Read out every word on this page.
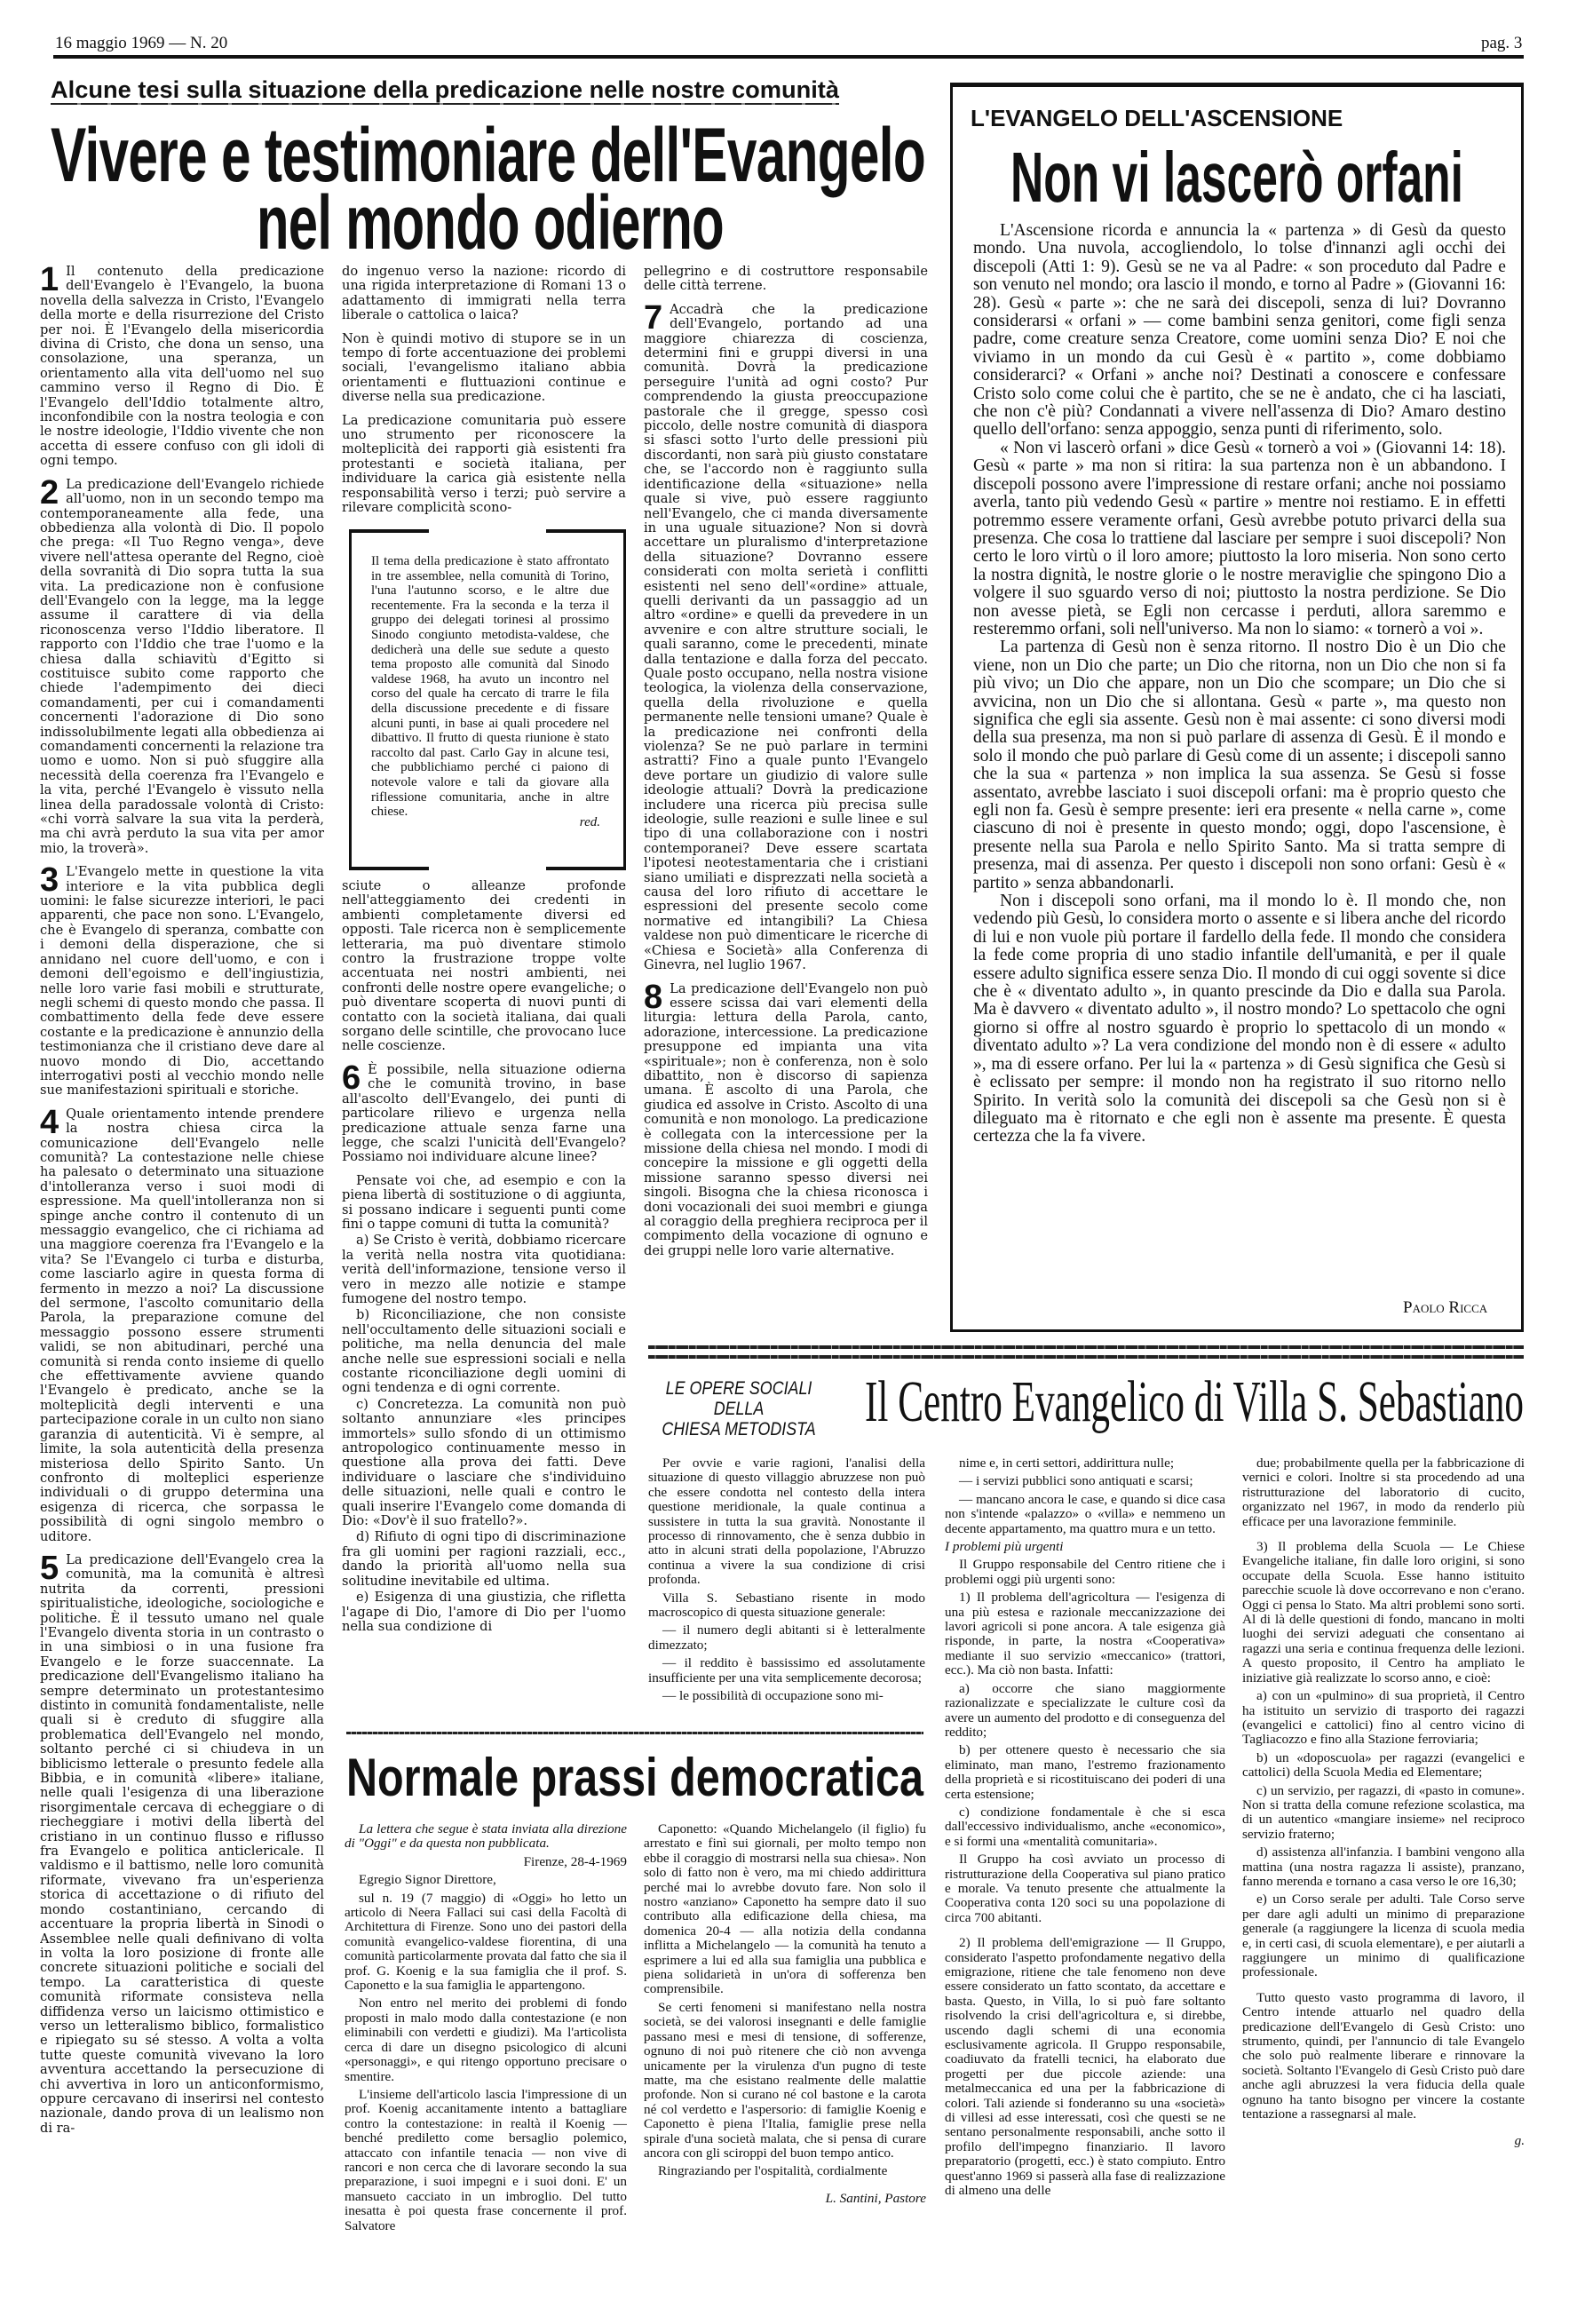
16 maggio 1969 — N. 20	pag. 3
Alcune tesi sulla situazione della predicazione nelle nostre comunità
Vivere e testimoniare dell'Evangelo
nel mondo odierno

1 Il contenuto della predicazione dell'Evangelo è l'Evangelo, la buona novella della salvezza in Cristo, l'Evangelo della morte e della risurrezione del Cristo per noi. È l'Evangelo della misericordia divina di Cristo, che dona un senso, una consolazione, una speranza, un orientamento alla vita dell'uomo nel suo cammino verso il Regno di Dio. È l'Evangelo dell'Iddio totalmente altro, inconfondibile con la nostra teologia e con le nostre ideologie, l'Iddio vivente che non accetta di essere confuso con gli idoli di ogni tempo.

2 La predicazione dell'Evangelo richiede all'uomo, non in un secondo tempo ma contemporaneamente alla fede, una obbedienza alla volontà di Dio. Il popolo che prega: «Il Tuo Regno venga», deve vivere nell'attesa operante del Regno, cioè della sovranità di Dio sopra tutta la sua vita. La predicazione non è confusione dell'Evangelo con la legge, ma la legge assume il carattere di via della riconoscenza verso l'Iddio liberatore. Il rapporto con l'Iddio che trae l'uomo e la chiesa dalla schiavitù d'Egitto si costituisce subito come rapporto che chiede l'adempimento dei dieci comandamenti, per cui i comandamenti concernenti l'adorazione di Dio sono indissolubilmente legati alla obbedienza ai comandamenti concernenti la relazione tra uomo e uomo. Non si può sfuggire alla necessità della coerenza fra l'Evangelo e la vita, perché l'Evangelo è vissuto nella linea della paradossale volontà di Cristo: «chi vorrà salvare la sua vita la perderà, ma chi avrà perduto la sua vita per amor mio, la troverà».

3 L'Evangelo mette in questione la vita interiore e la vita pubblica degli uomini: le false sicurezze interiori, le paci apparenti, che pace non sono. L'Evangelo, che è Evangelo di speranza, combatte con i demoni della disperazione, che si annidano nel cuore dell'uomo, e con i demoni dell'egoismo e dell'ingiustizia, nelle loro varie fasi mobili e strutturate, negli schemi di questo mondo che passa. Il combattimento della fede deve essere costante e la predicazione è annunzio della testimonianza che il cristiano deve dare al nuovo mondo di Dio, accettando interrogativi posti al vecchio mondo nelle sue manifestazioni spirituali e storiche.

4 Quale orientamento intende prendere la nostra chiesa circa la comunicazione dell'Evangelo nelle comunità? La contestazione nelle chiese ha palesato o determinato una situazione d'intolleranza verso i suoi modi di espressione. Ma quell'intolleranza non si spinge anche contro il contenuto di un messaggio evangelico, che ci richiama ad una maggiore coerenza fra l'Evangelo e la vita? Se l'Evangelo ci turba e disturba, come lasciarlo agire in questa forma di fermento in mezzo a noi? La discussione del sermone, l'ascolto comunitario della Parola, la preparazione comune del messaggio possono essere strumenti validi, se non abitudinari, perché una comunità si renda conto insieme di quello che effettivamente avviene quando l'Evangelo è predicato, anche se la molteplicità degli interventi e una partecipazione corale in un culto non siano garanzia di autenticità. Vi è sempre, al limite, la sola autenticità della presenza misteriosa dello Spirito Santo. Un confronto di molteplici esperienze individuali o di gruppo determina una esigenza di ricerca, che sorpassa le possibilità di ogni singolo membro o uditore.

5 La predicazione dell'Evangelo crea la comunità, ma la comunità è altresì nutrita da correnti, pressioni spiritualistiche, ideologiche, sociologiche e politiche. È il tessuto umano nel quale l'Evangelo diventa storia in un contrasto o in una simbiosi o in una fusione fra Evangelo e le forze suaccennate. La predicazione dell'Evangelismo italiano ha sempre determinato un protestantesimo distinto in comunità fondamentaliste, nelle quali si è creduto di sfuggire alla problematica dell'Evangelo nel mondo, soltanto perché ci si chiudeva in un biblicismo letterale o presunto fedele alla Bibbia, e in comunità «libere» italiane, nelle quali l'esigenza di una liberazione risorgimentale cercava di echeggiare o di riecheggiare i motivi della libertà del cristiano in un continuo flusso e riflusso fra Evangelo e politica anticlericale. Il valdismo e il battismo, nelle loro comunità riformate, vivevano fra un'esperienza storica di accettazione o di rifiuto del mondo costantiniano, cercando di accentuare la propria libertà in Sinodi o Assemblee nelle quali definivano di volta in volta la loro posizione di fronte alle concrete situazioni politiche e sociali del tempo. La caratteristica di queste comunità riformate consisteva nella diffidenza verso un laicismo ottimistico e verso un letteralismo biblico, formalistico e ripiegato su sé stesso. A volta a volta tutte queste comunità vivevano la loro avventura accettando la persecuzione di chi avvertiva in loro un anticonformismo, oppure cercavano di inserirsi nel contesto nazionale, dando prova di un lealismo non di ra-

do ingenuo verso la nazione: ricordo di una rigida interpretazione di Romani 13 o adattamento di immigrati nella terra liberale o cattolica o laica?

Non è quindi motivo di stupore se in un tempo di forte accentuazione dei problemi sociali, l'evangelismo italiano abbia orientamenti e fluttuazioni continue e diverse nella sua predicazione.

La predicazione comunitaria può essere uno strumento per riconoscere la molteplicità dei rapporti già esistenti fra protestanti e società italiana, per individuare la carica già esistente nella responsabilità verso i terzi; può servire a rilevare complicità scono-

Il tema della predicazione è stato affrontato in tre assemblee, nella comunità di Torino, l'una l'autunno scorso, e le altre due recentemente. Fra la seconda e la terza il gruppo dei delegati torinesi al prossimo Sinodo congiunto metodista-valdese, che dedicherà una delle sue sedute a questo tema proposto alle comunità dal Sinodo valdese 1968, ha avuto un incontro nel corso del quale ha cercato di trarre le fila della discussione precedente e di fissare alcuni punti, in base ai quali procedere nel dibattivo. Il frutto di questa riunione è stato raccolto dal past. Carlo Gay in alcune tesi, che pubblichiamo perché ci paiono di notevole valore e tali da giovare alla riflessione comunitaria, anche in altre chiese.
red.

sciute o alleanze profonde nell'atteggiamento dei credenti in ambienti completamente diversi ed opposti. Tale ricerca non è semplicemente letteraria, ma può diventare stimolo contro la frustrazione troppe volte accentuata nei nostri ambienti, nei confronti delle nostre opere evangeliche; o può diventare scoperta di nuovi punti di contatto con la società italiana, dai quali sorgano delle scintille, che provocano luce nelle coscienze.

6 È possibile, nella situazione odierna che le comunità trovino, in base all'ascolto dell'Evangelo, dei punti di particolare rilievo e urgenza nella predicazione attuale senza farne una legge, che scalzi l'unicità dell'Evangelo? Possiamo noi individuare alcune linee?

Pensate voi che, ad esempio e con la piena libertà di sostituzione o di aggiunta, si possano indicare i seguenti punti come fini o tappe comuni di tutta la comunità?

a) Se Cristo è verità, dobbiamo ricercare la verità nella nostra vita quotidiana: verità dell'informazione, tensione verso il vero in mezzo alle notizie e stampe fumogene del nostro tempo.

b) Riconciliazione, che non consiste nell'occultamento delle situazioni sociali e politiche, ma nella denuncia del male anche nelle sue espressioni sociali e nella costante riconciliazione degli uomini di ogni tendenza e di ogni corrente.

c) Concretezza. La comunità non può soltanto annunziare «les principes immortels» sullo sfondo di un ottimismo antropologico continuamente messo in questione alla prova dei fatti. Deve individuare o lasciare che s'individuino delle situazioni, nelle quali e contro le quali inserire l'Evangelo come domanda di Dio: «Dov'è il suo fratello?».

d) Rifiuto di ogni tipo di discriminazione fra gli uomini per ragioni razziali, ecc., dando la priorità all'uomo nella sua solitudine inevitabile ed ultima.

e) Esigenza di una giustizia, che rifletta l'agape di Dio, l'amore di Dio per l'uomo nella sua condizione di

pellegrino e di costruttore responsabile delle città terrene.

7 Accadrà che la predicazione dell'Evangelo, portando ad una maggiore chiarezza di coscienza, determini fini e gruppi diversi in una comunità. Dovrà la predicazione perseguire l'unità ad ogni costo? Pur comprendendo la giusta preoccupazione pastorale che il gregge, spesso così piccolo, delle nostre comunità di diaspora si sfasci sotto l'urto delle pressioni più discordanti, non sarà più giusto constatare che, se l'accordo non è raggiunto sulla identificazione della «situazione» nella quale si vive, può essere raggiunto nell'Evangelo, che ci manda diversamente in una uguale situazione? Non si dovrà accettare un pluralismo d'interpretazione della situazione? Dovranno essere considerati con molta serietà i conflitti esistenti nel seno dell'«ordine» attuale, quelli derivanti da un passaggio ad un altro «ordine» e quelli da prevedere in un avvenire e con altre strutture sociali, le quali saranno, come le precedenti, minate dalla tentazione e dalla forza del peccato. Quale posto occupano, nella nostra visione teologica, la violenza della conservazione, quella della rivoluzione e quella permanente nelle tensioni umane? Quale è la predicazione nei confronti della violenza? Se ne può parlare in termini astratti? Fino a quale punto l'Evangelo deve portare un giudizio di valore sulle ideologie attuali? Dovrà la predicazione includere una ricerca più precisa sulle ideologie, sulle reazioni e sulle linee e sul tipo di una collaborazione con i nostri contemporanei? Deve essere scartata l'ipotesi neotestamentaria che i cristiani siano umiliati e disprezzati nella società a causa del loro rifiuto di accettare le espressioni del presente secolo come normative ed intangibili? La Chiesa valdese non può dimenticare le ricerche di «Chiesa e Società» alla Conferenza di Ginevra, nel luglio 1967.

8 La predicazione dell'Evangelo non può essere scissa dai vari elementi della liturgia: lettura della Parola, canto, adorazione, intercessione. La predicazione presuppone ed impianta una vita «spirituale»; non è conferenza, non è solo dibattito, non è discorso di sapienza umana. È ascolto di una Parola, che giudica ed assolve in Cristo. Ascolto di una comunità e non monologo. La predicazione è collegata con la intercessione per la missione della chiesa nel mondo. I modi di concepire la missione e gli oggetti della missione saranno spesso diversi nei singoli. Bisogna che la chiesa riconosca i doni vocazionali dei suoi membri e giunga al coraggio della preghiera reciproca per il compimento della vocazione di ognuno e dei gruppi nelle loro varie alternative.

L'EVANGELO DELL'ASCENSIONE
Non vi lascerò orfani

L'Ascensione ricorda e annuncia la « partenza » di Gesù da questo mondo. Una nuvola, accogliendolo, lo tolse d'innanzi agli occhi dei discepoli (Atti 1: 9). Gesù se ne va al Padre: « son proceduto dal Padre e son venuto nel mondo; ora lascio il mondo, e torno al Padre » (Giovanni 16: 28). Gesù « parte »: che ne sarà dei discepoli, senza di lui? Dovranno considerarsi « orfani » — come bambini senza genitori, come figli senza padre, come creature senza Creatore, come uomini senza Dio? E noi che viviamo in un mondo da cui Gesù è « partito », come dobbiamo considerarci? « Orfani » anche noi? Destinati a conoscere e confessare Cristo solo come colui che è partito, che se ne è andato, che ci ha lasciati, che non c'è più? Condannati a vivere nell'assenza di Dio? Amaro destino quello dell'orfano: senza appoggio, senza punti di riferimento, solo.

« Non vi lascerò orfani » dice Gesù « tornerò a voi » (Giovanni 14: 18). Gesù « parte » ma non si ritira: la sua partenza non è un abbandono. I discepoli possono avere l'impressione di restare orfani; anche noi possiamo averla, tanto più vedendo Gesù « partire » mentre noi restiamo. E in effetti potremmo essere veramente orfani, Gesù avrebbe potuto privarci della sua presenza. Che cosa lo trattiene dal lasciare per sempre i suoi discepoli? Non certo le loro virtù o il loro amore; piuttosto la loro miseria. Non sono certo la nostra dignità, le nostre glorie o le nostre meraviglie che spingono Dio a volgere il suo sguardo verso di noi; piuttosto la nostra perdizione. Se Dio non avesse pietà, se Egli non cercasse i perduti, allora saremmo e resteremmo orfani, soli nell'universo. Ma non lo siamo: « tornerò a voi ».

La partenza di Gesù non è senza ritorno. Il nostro Dio è un Dio che viene, non un Dio che parte; un Dio che ritorna, non un Dio che non si fa più vivo; un Dio che appare, non un Dio che scompare; un Dio che si avvicina, non un Dio che si allontana. Gesù « parte », ma questo non significa che egli sia assente. Gesù non è mai assente: ci sono diversi modi della sua presenza, ma non si può parlare di assenza di Gesù. È il mondo e solo il mondo che può parlare di Gesù come di un assente; i discepoli sanno che la sua « partenza » non implica la sua assenza. Se Gesù si fosse assentato, avrebbe lasciato i suoi discepoli orfani: ma è proprio questo che egli non fa. Gesù è sempre presente: ieri era presente « nella carne », come ciascuno di noi è presente in questo mondo; oggi, dopo l'ascensione, è presente nella sua Parola e nello Spirito Santo. Ma si tratta sempre di presenza, mai di assenza. Per questo i discepoli non sono orfani: Gesù è « partito » senza abbandonarli.

Non i discepoli sono orfani, ma il mondo lo è. Il mondo che, non vedendo più Gesù, lo considera morto o assente e si libera anche del ricordo di lui e non vuole più portare il fardello della fede. Il mondo che considera la fede come propria di uno stadio infantile dell'umanità, e per il quale essere adulto significa essere senza Dio. Il mondo di cui oggi sovente si dice che è « diventato adulto », in quanto prescinde da Dio e dalla sua Parola. Ma è davvero « diventato adulto », il nostro mondo? Lo spettacolo che ogni giorno si offre al nostro sguardo è proprio lo spettacolo di un mondo « diventato adulto »? La vera condizione del mondo non è di essere « adulto », ma di essere orfano. Per lui la « partenza » di Gesù significa che Gesù si è eclissato per sempre: il mondo non ha registrato il suo ritorno nello Spirito. In verità solo la comunità dei discepoli sa che Gesù non si è dileguato ma è ritornato e che egli non è assente ma presente. È questa certezza che la fa vivere.

Paolo Ricca
LE OPERE SOCIALI
DELLA
CHIESA METODISTA Il Centro Evangelico di Villa S. Sebastiano

Per ovvie e varie ragioni, l'analisi della situazione di questo villaggio abruzzese non può che essere condotta nel contesto della intera questione meridionale, la quale continua a sussistere in tutta la sua gravità. Nonostante il processo di rinnovamento, che è senza dubbio in atto in alcuni strati della popolazione, l'Abruzzo continua a vivere la sua condizione di crisi profonda.

Villa S. Sebastiano risente in modo macroscopico di questa situazione generale:

— il numero degli abitanti si è letteralmente dimezzato;

— il reddito è bassissimo ed assolutamente insufficiente per una vita semplicemente decorosa;

— le possibilità di occupazione sono mi-

nime e, in certi settori, addirittura nulle;

— i servizi pubblici sono antiquati e scarsi;

— mancano ancora le case, e quando si dice casa non s'intende «palazzo» o «villa» e nemmeno un decente appartamento, ma quattro mura e un tetto.

I problemi più urgenti

Il Gruppo responsabile del Centro ritiene che i problemi oggi più urgenti sono:

1) Il problema dell'agricoltura — l'esigenza di una più estesa e razionale meccanizzazione dei lavori agricoli si pone ancora. A tale esigenza già risponde, in parte, la nostra «Cooperativa» mediante il suo servizio «meccanico» (trattori, ecc.). Ma ciò non basta. Infatti:

a) occorre che siano maggiormente razionalizzate e specializzate le culture così da avere un aumento del prodotto e di conseguenza del reddito;

b) per ottenere questo è necessario che sia eliminato, man mano, l'estremo frazionamento della proprietà e si ricostituiscano dei poderi di una certa estensione;

c) condizione fondamentale è che si esca dall'eccessivo individualismo, anche «economico», e si formi una «mentalità comunitaria».

Il Gruppo ha così avviato un processo di ristrutturazione della Cooperativa sul piano pratico e morale. Va tenuto presente che attualmente la Cooperativa conta 120 soci su una popolazione di circa 700 abitanti.

2) Il problema dell'emigrazione — Il Gruppo, considerato l'aspetto profondamente negativo della emigrazione, ritiene che tale fenomeno non deve essere considerato un fatto scontato, da accettare e basta. Questo, in Villa, lo si può fare soltanto risolvendo la crisi dell'agricoltura e, si direbbe, uscendo dagli schemi di una economia esclusivamente agricola. Il Gruppo responsabile, coadiuvato da fratelli tecnici, ha elaborato due progetti per due piccole aziende: una metalmeccanica ed una per la fabbricazione di colori. Tali aziende si fonderanno su una «società» di villesi ad esse interessati, così che questi se ne sentano personalmente responsabili, anche sotto il profilo dell'impegno finanziario. Il lavoro preparatorio (progetti, ecc.) è stato compiuto. Entro quest'anno 1969 si passerà alla fase di realizzazione di almeno una delle

due; probabilmente quella per la fabbricazione di vernici e colori. Inoltre si sta procedendo ad una ristrutturazione del laboratorio di cucito, organizzato nel 1967, in modo da renderlo più efficace per una lavorazione femminile.

3) Il problema della Scuola — Le Chiese Evangeliche italiane, fin dalle loro origini, si sono occupate della Scuola. Esse hanno istituito parecchie scuole là dove occorrevano e non c'erano. Oggi ci pensa lo Stato. Ma altri problemi sono sorti. Al di là delle questioni di fondo, mancano in molti luoghi dei servizi adeguati che consentano ai ragazzi una seria e continua frequenza delle lezioni. A questo proposito, il Centro ha ampliato le iniziative già realizzate lo scorso anno, e cioè:

a) con un «pulmino» di sua proprietà, il Centro ha istituito un servizio di trasporto dei ragazzi (evangelici e cattolici) fino al centro vicino di Tagliacozzo e fino alla Stazione ferroviaria;

b) un «doposcuola» per ragazzi (evangelici e cattolici) della Scuola Media ed Elementare;

c) un servizio, per ragazzi, di «pasto in comune». Non si tratta della comune refezione scolastica, ma di un autentico «mangiare insieme» nel reciproco servizio fraterno;

d) assistenza all'infanzia. I bambini vengono alla mattina (una nostra ragazza li assiste), pranzano, fanno merenda e tornano a casa verso le ore 16,30;

e) un Corso serale per adulti. Tale Corso serve per dare agli adulti un minimo di preparazione generale (a raggiungere la licenza di scuola media e, in certi casi, di scuola elementare), e per aiutarli a raggiungere un minimo di qualificazione professionale.

Tutto questo vasto programma di lavoro, il Centro intende attuarlo nel quadro della predicazione dell'Evangelo di Gesù Cristo: uno strumento, quindi, per l'annuncio di tale Evangelo che solo può realmente liberare e rinnovare la società. Soltanto l'Evangelo di Gesù Cristo può dare anche agli abruzzesi la vera fiducia della quale ognuno ha tanto bisogno per vincere la costante tentazione a rassegnarsi al male.

g.

Normale prassi democratica

La lettera che segue è stata inviata alla direzione di "Oggi" e da questa non pubblicata.

Firenze, 28-4-1969

Egregio Signor Direttore,

sul n. 19 (7 maggio) di «Oggi» ho letto un articolo di Neera Fallaci sui casi della Facoltà di Architettura di Firenze. Sono uno dei pastori della comunità evangelico-valdese fiorentina, di una comunità particolarmente provata dal fatto che sia il prof. G. Koenig e la sua famiglia che il prof. S. Caponetto e la sua famiglia le appartengono.

Non entro nel merito dei problemi di fondo proposti in malo modo dalla contestazione (e non eliminabili con verdetti e giudizi). Ma l'articolista cerca di dare un disegno psicologico di alcuni «personaggi», e qui ritengo opportuno precisare o smentire.

L'insieme dell'articolo lascia l'impressione di un prof. Koenig accanitamente intento a battagliare contro la contestazione: in realtà il Koenig — benché prediletto come bersaglio polemico, attaccato con infantile tenacia — non vive di rancori e non cerca che di lavorare secondo la sua preparazione, i suoi impegni e i suoi doni. E' un mansueto cacciato in un imbroglio. Del tutto inesatta è poi questa frase concernente il prof. Salvatore

Caponetto: «Quando Michelangelo (il figlio) fu arrestato e finì sui giornali, per molto tempo non ebbe il coraggio di mostrarsi nella sua chiesa». Non solo di fatto non è vero, ma mi chiedo addirittura perché mai lo avrebbe dovuto fare. Non solo il nostro «anziano» Caponetto ha sempre dato il suo contributo alla edificazione della chiesa, ma domenica 20-4 — alla notizia della condanna inflitta a Michelangelo — la comunità ha tenuto a esprimere a lui ed alla sua famiglia una pubblica e piena solidarietà in un'ora di sofferenza ben comprensibile.

Se certi fenomeni si manifestano nella nostra società, se dei valorosi insegnanti e delle famiglie passano mesi e mesi di tensione, di sofferenze, ognuno di noi può ritenere che ciò non avvenga unicamente per la virulenza d'un pugno di teste matte, ma che esistano realmente delle malattie profonde. Non si curano né col bastone e la carota né col verdetto e l'aspersorio: di famiglie Koenig e Caponetto è piena l'Italia, famiglie prese nella spirale d'una società malata, che si pensa di curare ancora con gli sciroppi del buon tempo antico.

Ringraziando per l'ospitalità, cordialmente

L. Santini, Pastore
